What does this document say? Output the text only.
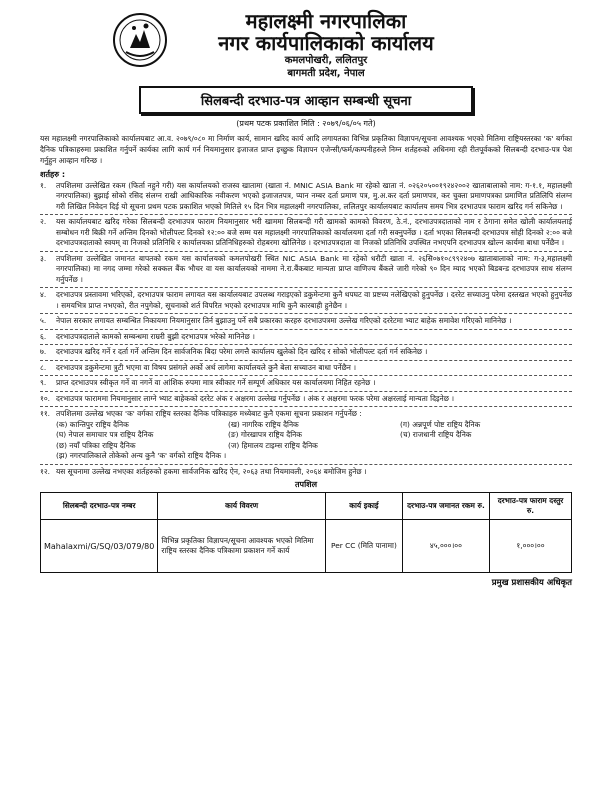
महालक्ष्मी नगरपालिका
नगर कार्यपालिकाको कार्यालय
कमलपोखरी, ललितपुर
बागमती प्रदेश, नेपाल
सिलबन्दी दरभाउ-पत्र आव्हान सम्बन्धी सूचना
(प्रथम पटक प्रकाशित मिति : २०७९/०६/०५ गते)
यस महालक्ष्मी नगरपालिकाको कार्यालयबाट आ.व. २०७९/०८० मा निर्माण कार्य, सामान खरिद कार्य आदि लगायतका विभिन्न प्रकृतिका विज्ञापन/सूचना आवश्यक भएको मितिमा राष्ट्रियस्तरका 'क' बर्गका दैनिक पत्रिकाहरुमा प्रकाशित गर्नुपर्ने कार्यका लागि कार्य गर्न नियमानुसार इजाजत प्राप्त इच्छुक विज्ञापन एजेन्सी/फर्म/कम्पनीहरुले निम्न शर्तहरुको अधिनमा रही रीतपूर्वकको सिलबन्दी दरभाउ-पत्र पेश गर्नुहुन आव्हान गरिन्छ ।
शर्तहरु :
१.	तपशिलमा उल्लेखित रकम (फिर्ता नहुने गरी) यस कार्यालयको राजस्व खातामा (खाता नं. MNIC ASIA Bank मा रहेको खाता नं. ०२६२०५००१९२४२००२ खाताबालाको नाम: ग-१.१, महालक्ष्मी नगरपालिका) बुझाई सोको रसिद संलग्न राखी आधिकारिक नवीकरण भएको इजाजतपत्र, प्यान नम्बर दर्ता प्रमाण पत्र, मु.अ.कर दर्ता प्रमाणपत्र, कर चुक्ता प्रमाणपत्रका प्रमाणित प्रतिलिपि संलग्न गरी लिखित निवेदन दिई यो सूचना प्रथम पटक प्रकाशित भएको मितिले १५ दिन भित्र महालक्ष्मी नगरपालिका, ललितपुर कार्यालयबाट कार्यालय समय भित्र दरभाउपत्र फाराम खरिद गर्न सकिनेछ ।
२.	यस कार्यालयबाट खरिद गरेका सिलबन्दी दरभाउपत्र फाराम नियमानुसार भरी खाममा सिलबन्दी गरी खामको कामको विवरण, ठे.नं., दरभाउपत्रदाताको नाम र ठेगाना समेत खोली कार्यालयलाई सम्बोधन गरी बिक्री गर्ने अन्तिम दिनको भोलीपल्ट दिनको १२:०० बजे सम्म यस महालक्ष्मी नगरपालिकाको कार्यालयमा दर्ता गरी सक्नुपर्नेछ । दर्ता भएका सिलबन्दी दरभाउपत्र सोही दिनको २:०० बजे दरभाउपत्रदाताको स्वयम् वा निजको प्रतिनिधि र कार्यालयका प्रतिनिधिहरुको रोहबरमा खोलिनेछ । दरभाउपत्रदाता वा निजको प्रतिनिधि उपस्थित नभएपनि दरभाउपत्र खोल्न कार्यमा बाधा पर्नेछैन ।
३.	तपशिलमा उल्लेखित जमानत बापतको रकम यस कार्यालयको कमलपोखरी स्थित NIC ASIA Bank मा रहेको धरौटी खाता नं. २६सि०७१०८९९२४०७ खाताबालाको नाम: ग-३,महालक्ष्मी नगरपालिका) मा नगद जम्मा गरेको सक्कल बैंक भौचर वा यस कार्यालयको नाममा ने.रा.बैंकबाट मान्यता प्राप्त वाणिज्य बैंकले जारी गरेको ९० दिन म्याद भएको बिडबन्ड दरभाउपत्र साथ संलग्न गर्नुपर्नेछ ।
४.	दरभाउपत्र प्रस्तावमा भरिएको, दरभाउपत्र फाराम लगायत यस कार्यालयबाट उपलब्ध गराइएको डकुमेन्टमा कुनै थपघट वा प्रष्टच्य नलेखिएको हुनुपर्नेछ । दररेट सच्याउनु परेमा दस्तखत भएको हुनुपर्नेछ । समयभित्र प्राप्त नभएको, रीत नपुगेको, सूचनाको शर्त विपरित भएको दरभाउपत्र माथि कुनै कारबाही हुनेछैन ।
५.	नेपाल सरकार लगायत सम्बन्धित निकायमा नियमानुसार तिर्न बुझाउनु पर्ने सबै प्रकारका करहरु दरभाउपत्रमा उल्लेख गरिएको दररेटमा भ्याट बाहेक समावेश गरिएको मानिनेछ ।
६.	दरभाउपत्रदाताले कामको सम्बन्धमा राम्ररी बुझी दरभाउपत्र भरेको मानिनेछ ।
७.	दरभाउपत्र खरिद गर्ने र दर्ता गर्ने अन्तिम दिन सार्वजनिक बिदा परेमा लगत्तै कार्यालय खुलेको दिन खरिद र सोको भोलीपल्ट दर्ता गर्न सकिनेछ ।
८.	दरभाउपत्र डकुमेन्टमा त्रुटी भएमा वा विषय प्रसंगले अर्को अर्थ लागेमा कार्यालयले कुनै बेला सच्याउन बाधा पर्नेछैन ।
९.	प्राप्त दरभाउपत्र स्वीकृत गर्ने वा नगर्ने वा आंशिक रुपमा मात्र स्वीकार गर्ने सम्पूर्ण अधिकार यस कार्यालयमा निहित रहनेछ ।
१०. दरभाउपत्र फाराममा नियमानुसार लाग्ने भ्याट बाहेकको दररेट अंक र अक्षरमा उल्लेख गर्नुपर्नेछ । अंक र अक्षरमा फरक परेमा अक्षरलाई मान्यता दिइनेछ ।
११. तपशिलमा उल्लेख भएका 'क' वर्गका राष्ट्रिय स्तरका दैनिक पत्रिकाहरु मध्येबाट कुनै एकमा सूचना प्रकाशन गर्नुपर्नेछ :
(क) कान्तिपुर राष्ट्रिय दैनिक	(ख) नागरिक राष्ट्रिय दैनिक	(ग) अन्नपूर्ण पोष्ट राष्ट्रिय दैनिक
(घ) नेपाल समाचार पत्र राष्ट्रिय दैनिक	(ङ) गोरखापत्र राष्ट्रिय दैनिक	(च) राजधानी राष्ट्रिय दैनिक
(छ) नयाँ पत्रिका राष्ट्रिय दैनिक	(ज) हिमालय टाइम्स राष्ट्रिय दैनिक
(झ) नगरपालिकाले तोकेको अन्य कुनै 'क' वर्गको राष्ट्रिय दैनिक ।
१२. यस सूचनामा उल्लेख नभएका शर्तहरुको हकमा सार्वजनिक खरिद ऐन, २०६३ तथा नियमावली, २०६४ बमोजिम हुनेछ ।
तपशिल
सिलबन्दी दरभाउ-पत्र नम्बर	कार्य विवरण	कार्य इकाई	दरभाउ-पत्र जमानत रकम रु.	दरभाउ-पत्र फाराम दस्तुर रु.
Mahalaxmi/G/SQ/03/079/80	विभिन्न प्रकृतिका विज्ञापन/सूचना आवश्यक भएको मितिमा राष्ट्रिय स्तरका दैनिक पत्रिकामा प्रकाशन गर्ने कार्य	Per CC (मिति पानामा)	४५,०००।००	१,०००।००
प्रमुख प्रशासकीय अधिकृत
